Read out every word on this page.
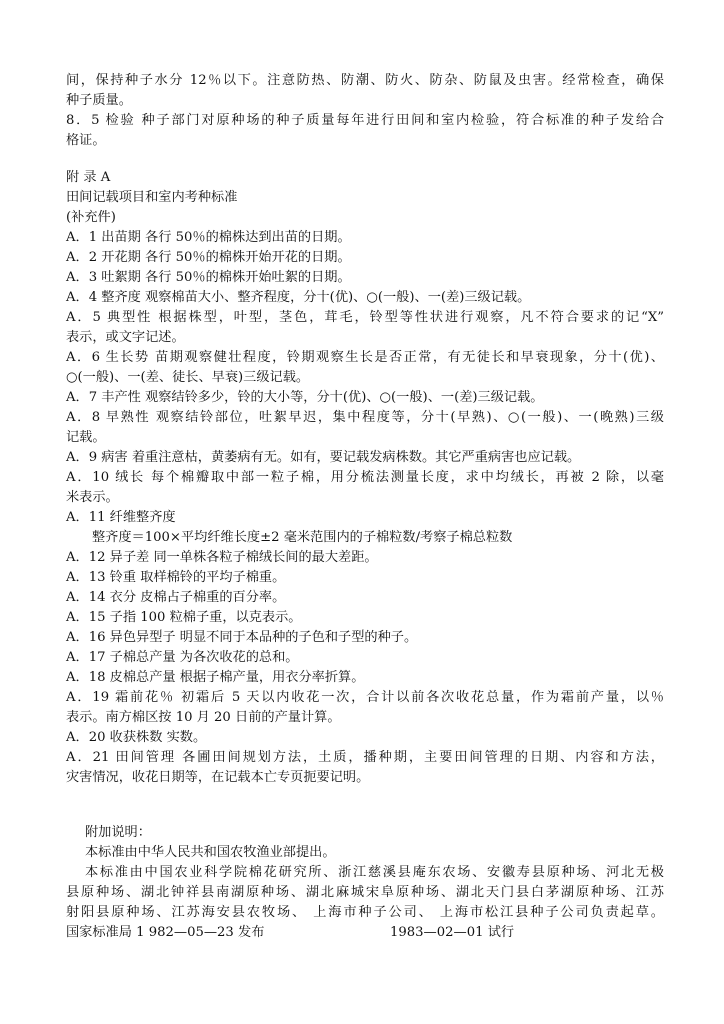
间，保持种子水分 12％以下。注意防热、防潮、防火、防杂、防鼠及虫害。经常检查，确保
种子质量。
8．5 检验 种子部门对原种场的种子质量每年进行田间和室内检验，符合标准的种子发给合
格证。
附 录 A
田间记载项目和室内考种标准
(补充件)
A．1 出苗期 各行 50％的棉株达到出苗的日期。
A．2 开花期 各行 50％的棉株开始开花的日期。
A．3 吐絮期 各行 50％的棉株开始吐絮的日期。
A．4 整齐度 观察棉苗大小、整齐程度，分十(优)、○(一般)、一(差)三级记载。
A．5 典型性 根据株型，叶型，茎色，茸毛，铃型等性状进行观察，凡不符合要求的记“X”
表示，或文字记述。
A．6 生长势 苗期观察健壮程度，铃期观察生长是否正常，有无徒长和早衰现象，分十(优)、
○(一般)、一(差、徒长、早衰)三级记载。
A．7 丰产性 观察结铃多少，铃的大小等，分十(优)、○(一般)、一(差)三级记载。
A．8 早熟性 观察结铃部位，吐絮早迟，集中程度等，分十(早熟)、○(一般)、一(晚熟)三级
记载。
A．9 病害 着重注意枯，黄萎病有无。如有，要记载发病株数。其它严重病害也应记载。
A．10 绒长 每个棉瓣取中部一粒子棉，用分梳法测量长度，求中均绒长，再被 2 除，以毫
米表示。
A．11 纤维整齐度
整齐度＝100×平均纤维长度±2 毫米范围内的子棉粒数/考察子棉总粒数
A．12 异子差 同一单株各粒子棉绒长间的最大差距。
A．13 铃重 取样棉铃的平均子棉重。
A．14 衣分 皮棉占子棉重的百分率。
A．15 子指 100 粒棉子重，以克表示。
A．16 异色异型子 明显不同于本品种的子色和子型的种子。
A．17 子棉总产量 为各次收花的总和。
A．18 皮棉总产量 根据子棉产量，用衣分率折算。
A．19 霜前花％ 初霜后 5 天以内收花一次，合计以前各次收花总量，作为霜前产量，以％
表示。南方棉区按 10 月 20 日前的产量计算。
A．20 收获株数 实数。
A．21 田间管理 各圃田间规划方法，土质，播种期，主要田间管理的日期、内容和方法，
灾害情况，收花日期等，在记载本亡专页扼要记明。
附加说明：
本标准由中华人民共和国农牧渔业部提出。
本标准由中国农业科学院棉花研究所、浙江慈溪县庵东农场、安徽寿县原种场、河北无极
县原种场、湖北钟祥县南湖原种场、湖北麻城宋阜原种场、湖北天门县白茅湖原种场、江苏
射阳县原种场、江苏海安县农牧场、 上海市种子公司、 上海市松江县种子公司负责起草。
国家标准局 1 982—05—23 发布	1983—02—01 试行
